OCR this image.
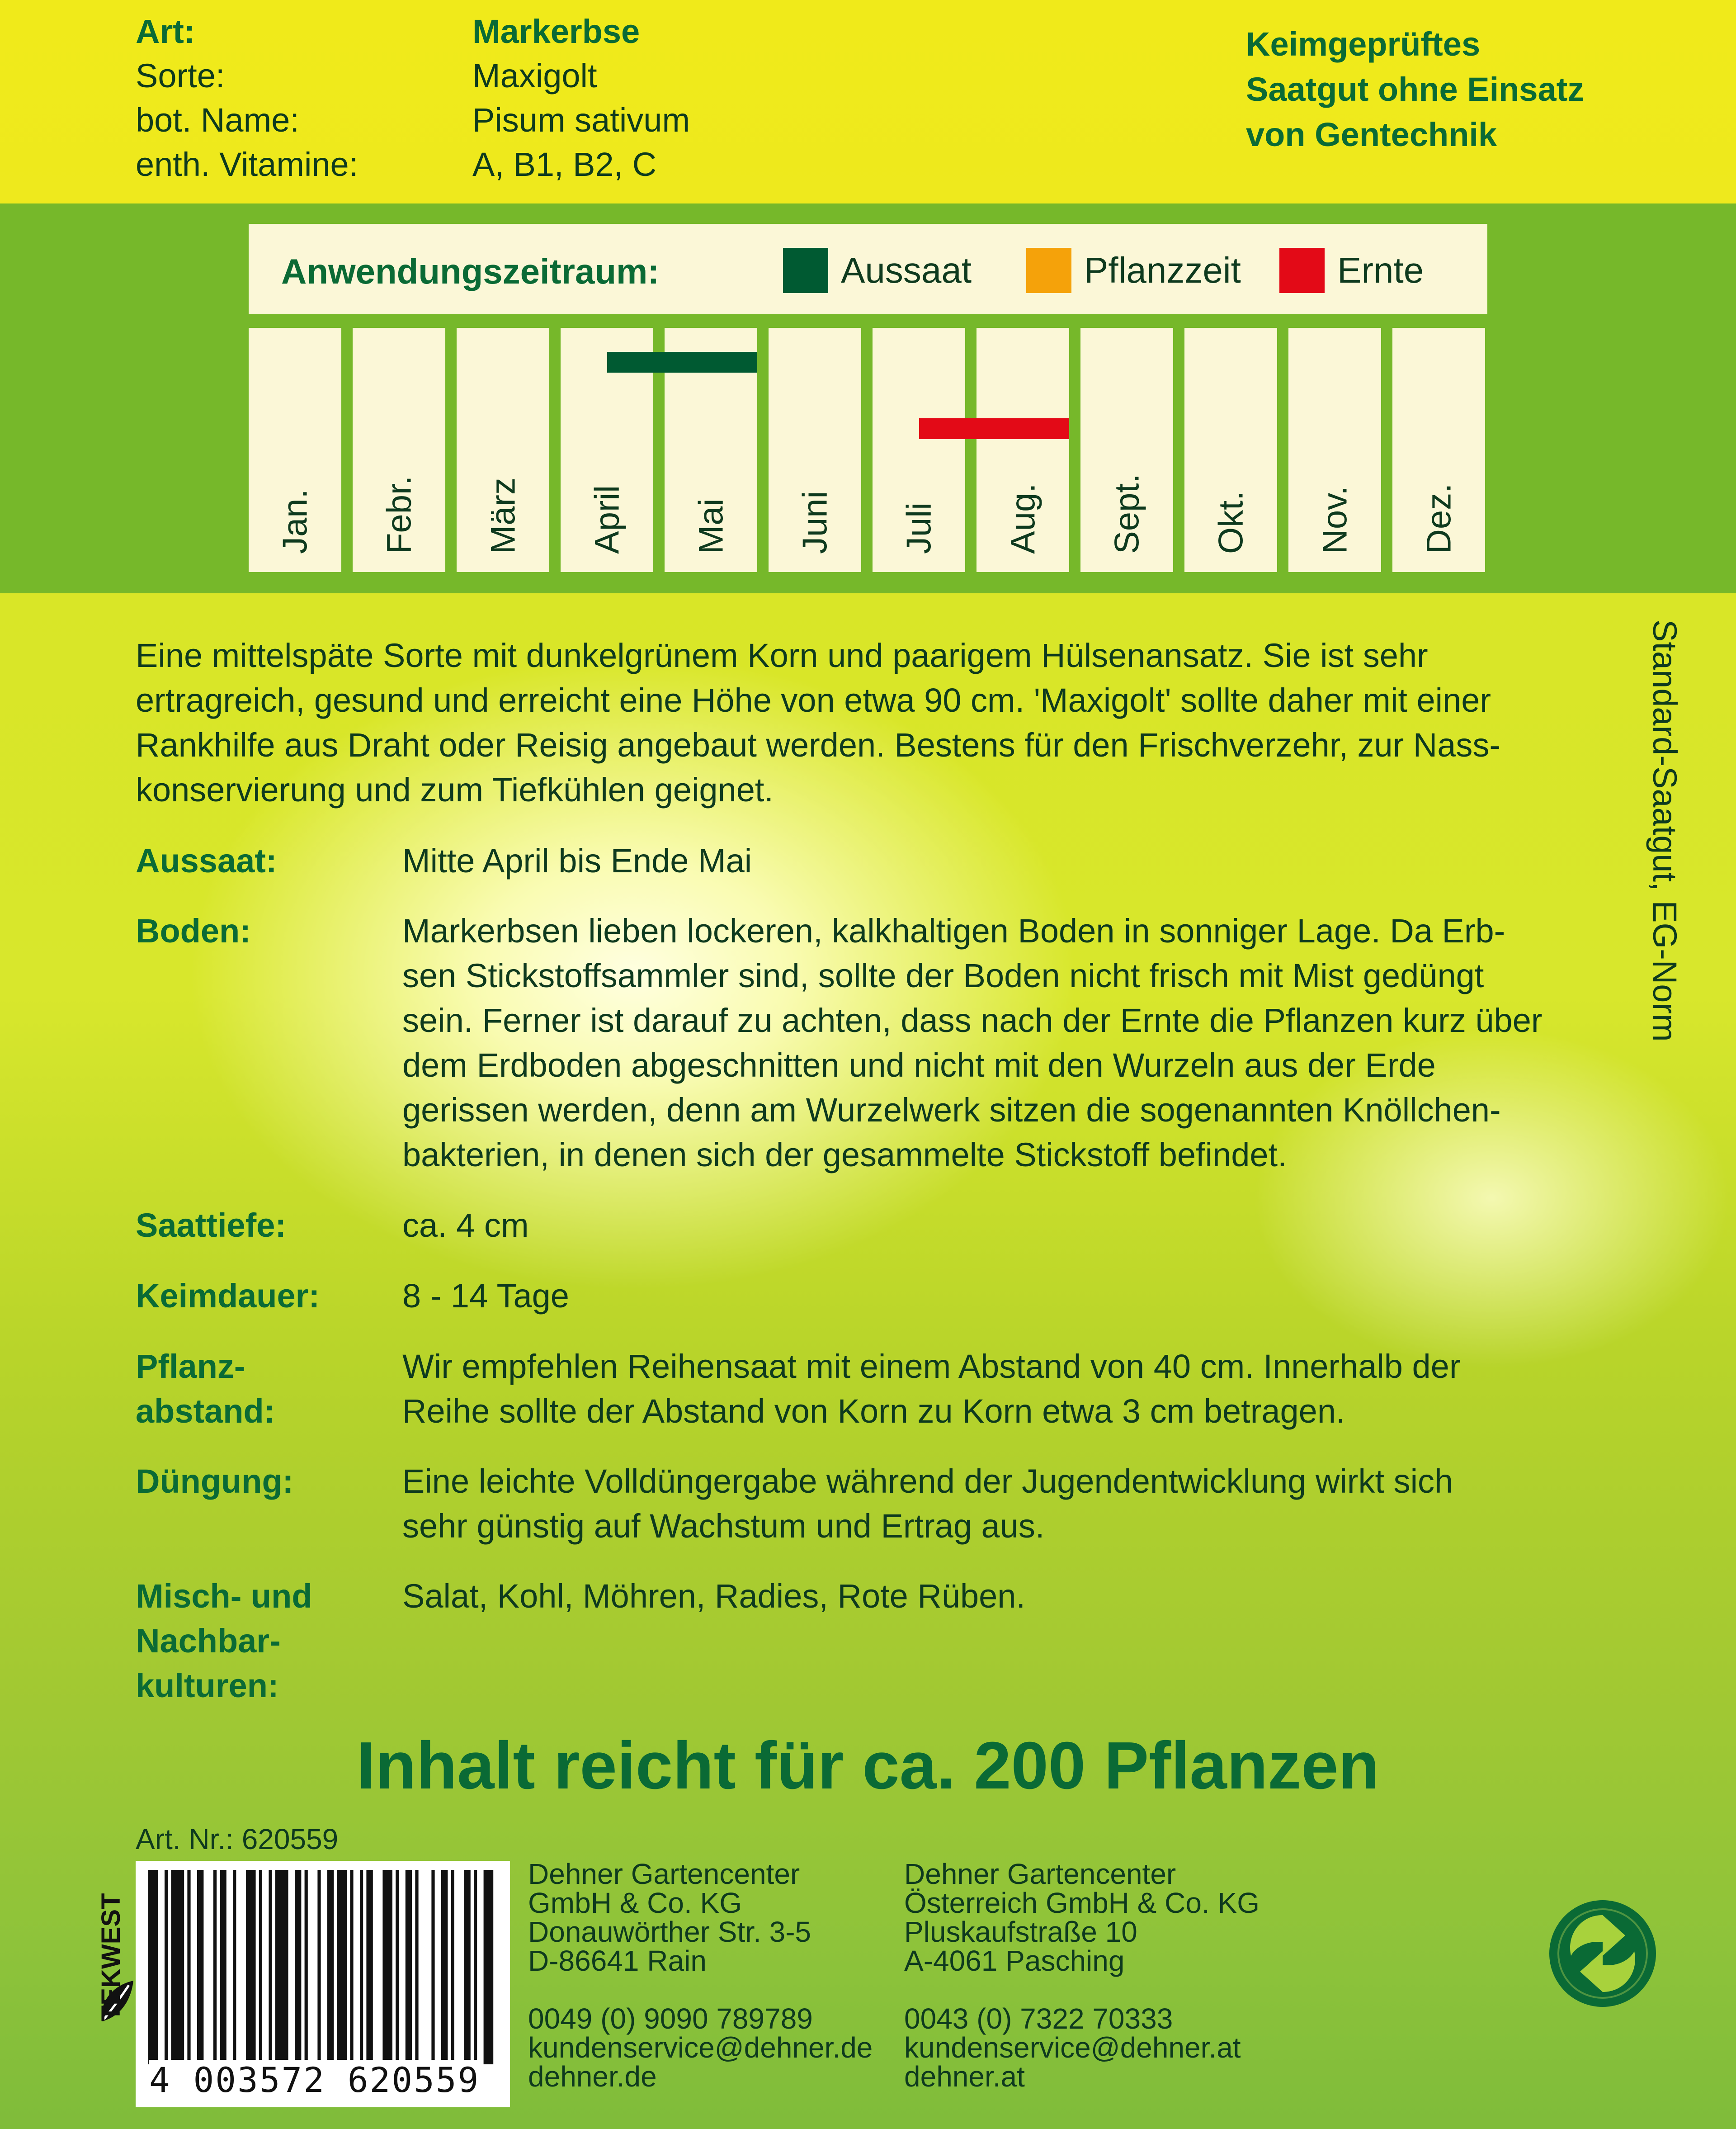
Art:	Markerbse
Sorte:	Maxigolt
bot. Name:	Pisum sativum
enth. Vitamine:	A, B1, B2, C
Keimgeprüftes
Saatgut ohne Einsatz
von Gentechnik
Anwendungszeitraum:	Aussaat	Pflanzzeit	Ernte
Jan. Febr. März April Mai Juni Juli Aug. Sept. Okt. Nov. Dez.
Eine mittelspäte Sorte mit dunkelgrünem Korn und paarigem Hülsenansatz. Sie ist sehr
ertragreich, gesund und erreicht eine Höhe von etwa 90 cm. 'Maxigolt' sollte daher mit einer
Rankhilfe aus Draht oder Reisig angebaut werden. Bestens für den Frischverzehr, zur Nass-
konservierung und zum Tiefkühlen geignet.
Aussaat:	Mitte April bis Ende Mai
Boden:	Markerbsen lieben lockeren, kalkhaltigen Boden in sonniger Lage. Da Erb-
sen Stickstoffsammler sind, sollte der Boden nicht frisch mit Mist gedüngt
sein. Ferner ist darauf zu achten, dass nach der Ernte die Pflanzen kurz über
dem Erdboden abgeschnitten und nicht mit den Wurzeln aus der Erde
gerissen werden, denn am Wurzelwerk sitzen die sogenannten Knöllchen-
bakterien, in denen sich der gesammelte Stickstoff befindet.
Saattiefe:	ca. 4 cm
Keimdauer: 8 - 14 Tage
Pflanz-
abstand:
Wir empfehlen Reihensaat mit einem Abstand von 40 cm. Innerhalb der
Reihe sollte der Abstand von Korn zu Korn etwa 3 cm betragen.
Düngung:	Eine leichte Volldüngergabe während der Jugendentwicklung wirkt sich
sehr günstig auf Wachstum und Ertrag aus.
Misch- und
Nachbar-
kulturen:
Salat, Kohl, Möhren, Radies, Rote Rüben.
Standard-Saatgut, EG-Norm
Inhalt reicht für ca. 200 Pflanzen
Art. Nr.: 620559
4 003572 620559
TEKWEST
Dehner Gartencenter
GmbH & Co. KG
Donauwörther Str. 3-5
D-86641 Rain
0049 (0) 9090 789789
kundenservice@dehner.de
dehner.de
Dehner Gartencenter
Österreich GmbH & Co. KG
Pluskaufstraße 10
A-4061 Pasching
0043 (0) 7322 70333
kundenservice@dehner.at
dehner.at
